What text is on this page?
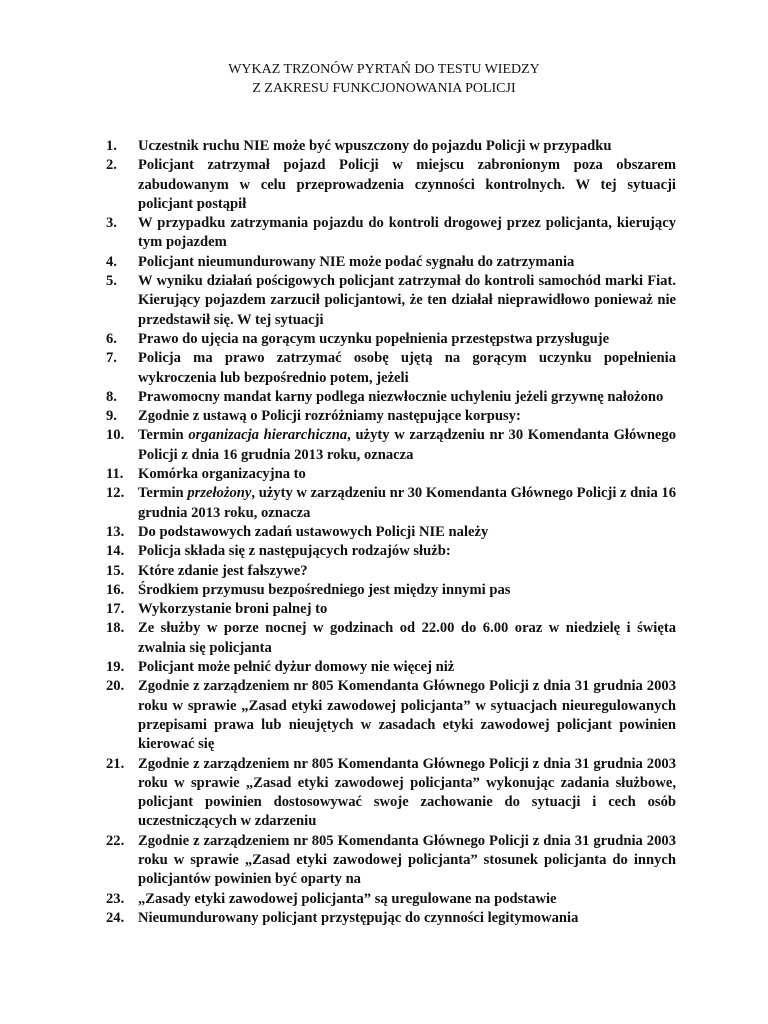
WYKAZ TRZONÓW PYRTAŃ DO TESTU WIEDZY
Z ZAKRESU FUNKCJONOWANIA POLICJI
1.	Uczestnik ruchu NIE może być wpuszczony do pojazdu Policji w przypadku
2.	Policjant zatrzymał pojazd Policji w miejscu zabronionym poza obszarem zabudowanym w celu przeprowadzenia czynności kontrolnych. W tej sytuacji policjant postąpił
3.	W przypadku zatrzymania pojazdu do kontroli drogowej przez policjanta, kierujący tym pojazdem
4.	Policjant nieumundurowany NIE może podać sygnału do zatrzymania
5.	W wyniku działań pościgowych policjant zatrzymał do kontroli samochód marki Fiat. Kierujący pojazdem zarzucił policjantowi, że ten działał nieprawidłowo ponieważ nie przedstawił się. W tej sytuacji
6.	Prawo do ujęcia na gorącym uczynku popełnienia przestępstwa przysługuje
7.	Policja ma prawo zatrzymać osobę ujętą na gorącym uczynku popełnienia wykroczenia lub bezpośrednio potem, jeżeli
8.	Prawomocny mandat karny podlega niezwłocznie uchyleniu jeżeli grzywnę nałożono
9.	Zgodnie z ustawą o Policji rozróżniamy następujące korpusy:
10. Termin organizacja hierarchiczna, użyty w zarządzeniu nr 30 Komendanta Głównego Policji z dnia 16 grudnia 2013 roku, oznacza
11. Komórka organizacyjna to
12. Termin przełożony, użyty w zarządzeniu nr 30 Komendanta Głównego Policji z dnia 16 grudnia 2013 roku, oznacza
13. Do podstawowych zadań ustawowych Policji NIE należy
14. Policja składa się z następujących rodzajów służb:
15. Które zdanie jest fałszywe?
16. Środkiem przymusu bezpośredniego jest między innymi pas
17. Wykorzystanie broni palnej to
18. Ze służby w porze nocnej w godzinach od 22.00 do 6.00 oraz w niedzielę i święta zwalnia się policjanta
19. Policjant może pełnić dyżur domowy nie więcej niż
20. Zgodnie z zarządzeniem nr 805 Komendanta Głównego Policji z dnia 31 grudnia 2003 roku w sprawie „Zasad etyki zawodowej policjanta” w sytuacjach nieuregulowanych przepisami prawa lub nieujętych w zasadach etyki zawodowej policjant powinien kierować się
21. Zgodnie z zarządzeniem nr 805 Komendanta Głównego Policji z dnia 31 grudnia 2003 roku w sprawie „Zasad etyki zawodowej policjanta” wykonując zadania służbowe, policjant powinien dostosowywać swoje zachowanie do sytuacji i cech osób uczestniczących w zdarzeniu
22. Zgodnie z zarządzeniem nr 805 Komendanta Głównego Policji z dnia 31 grudnia 2003 roku w sprawie „Zasad etyki zawodowej policjanta” stosunek policjanta do innych policjantów powinien być oparty na
23. „Zasady etyki zawodowej policjanta” są uregulowane na podstawie
24. Nieumundurowany policjant przystępując do czynności legitymowania
